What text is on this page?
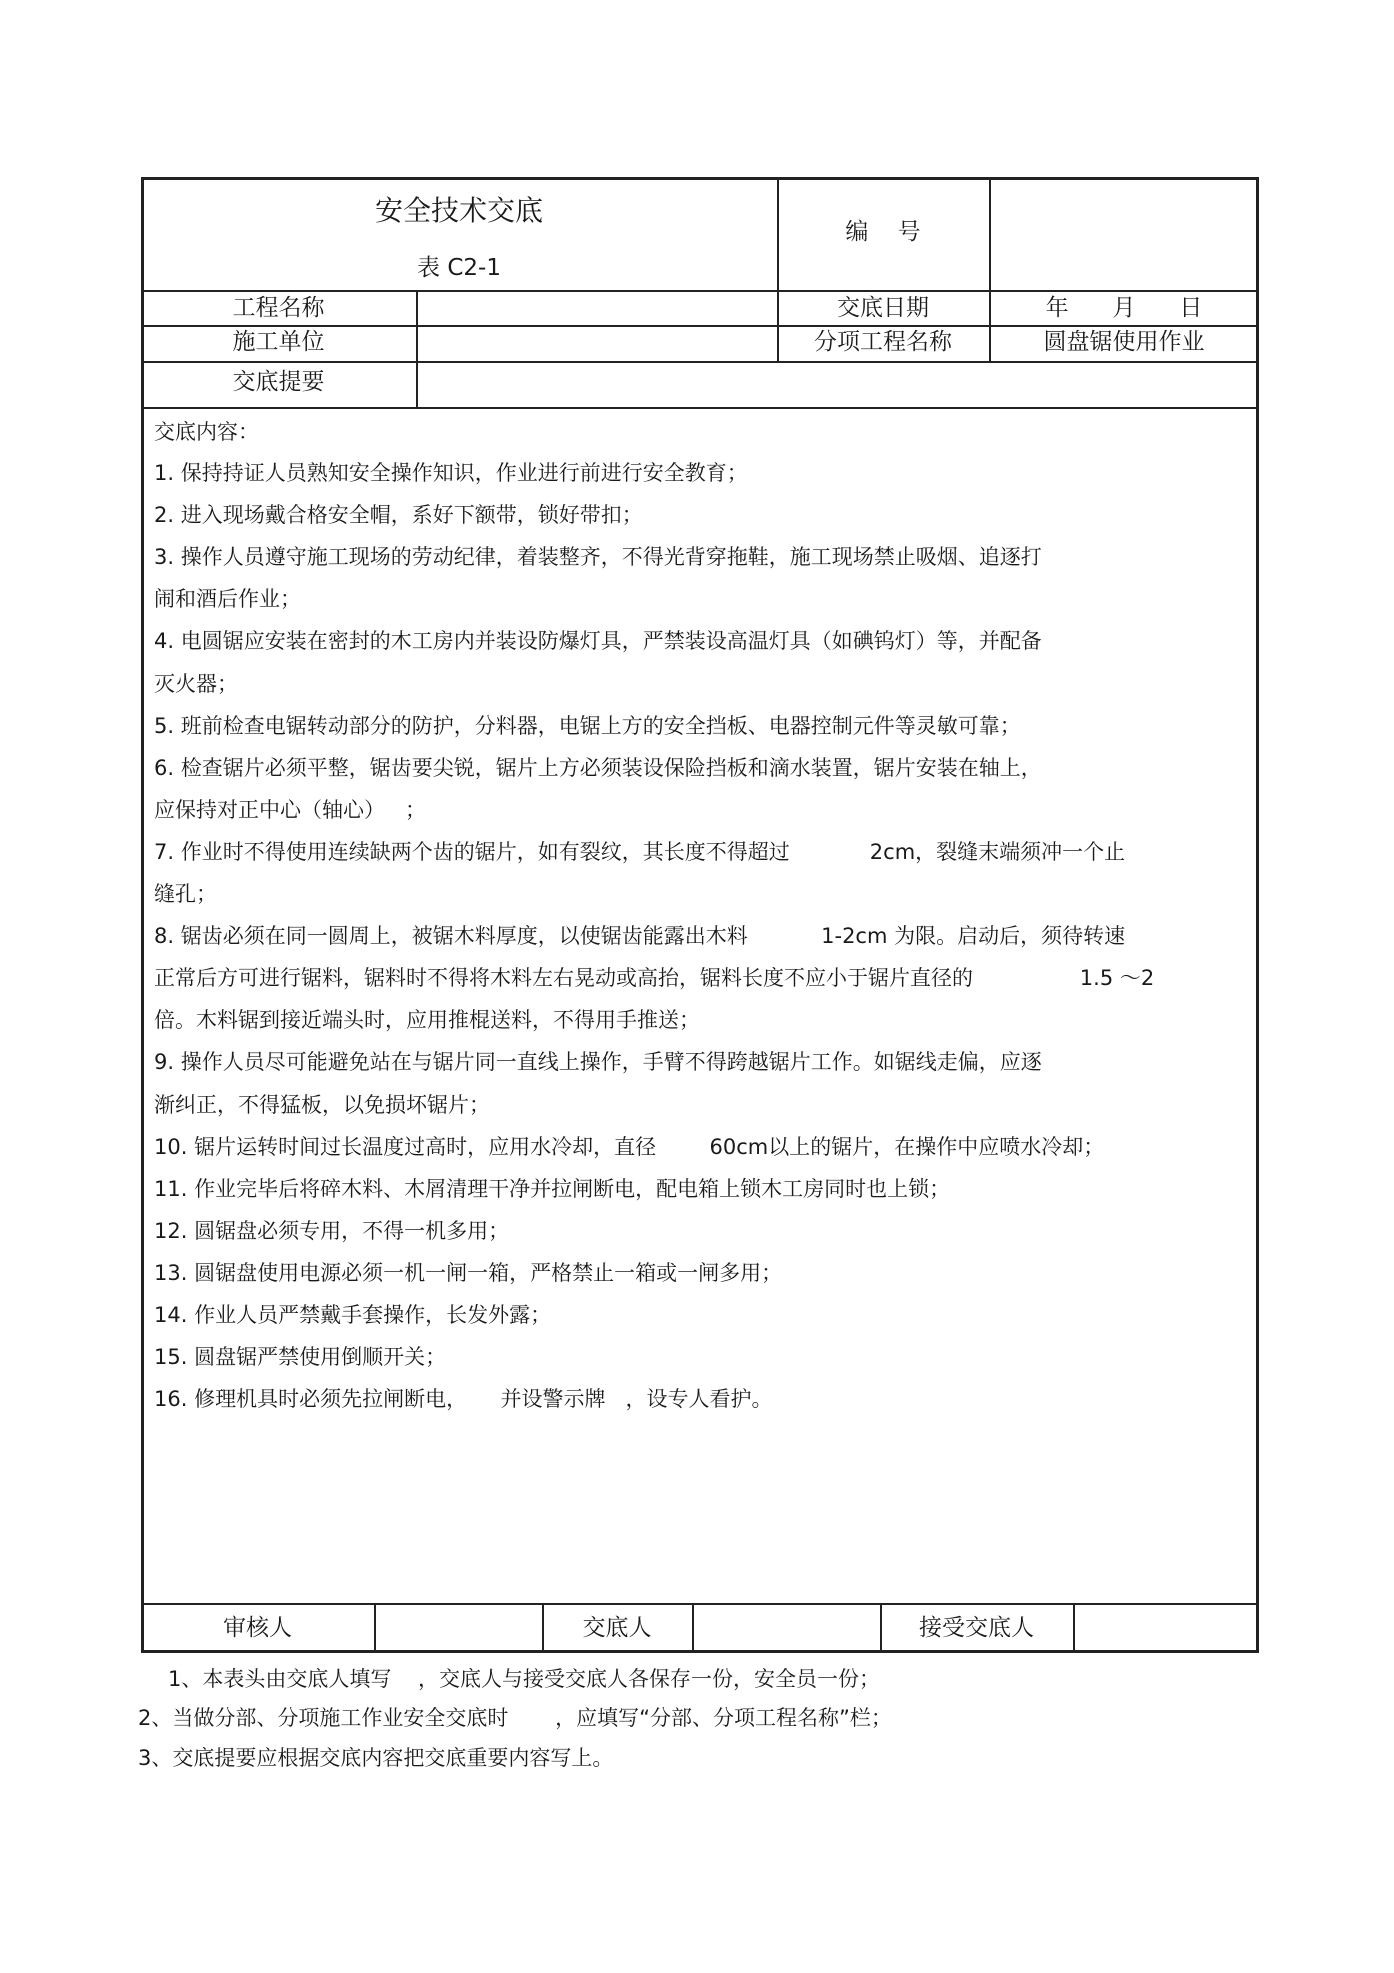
安全技术交底
表 C2-1
编    号
工程名称	交底日期	年      月      日
施工单位	分项工程名称	圆盘锯使用作业
交底提要
交底内容：
1. 保持持证人员熟知安全操作知识，作业进行前进行安全教育；
2. 进入现场戴合格安全帽，系好下额带，锁好带扣；
3. 操作人员遵守施工现场的劳动纪律，着装整齐，不得光背穿拖鞋，施工现场禁止吸烟、追逐打
闹和酒后作业；
4. 电圆锯应安装在密封的木工房内并装设防爆灯具，严禁装设高温灯具（如碘钨灯）等，并配备
灭火器；
5. 班前检查电锯转动部分的防护，分料器，电锯上方的安全挡板、电器控制元件等灵敏可靠；
6. 检查锯片必须平整，锯齿要尖锐，锯片上方必须装设保险挡板和滴水装置，锯片安装在轴上，
应保持对正中心（轴心）   ；
7. 作业时不得使用连续缺两个齿的锯片，如有裂纹，其长度不得超过            2cm，裂缝末端须冲一个止
缝孔；
8. 锯齿必须在同一圆周上，被锯木料厚度，以使锯齿能露出木料           1-2cm 为限。启动后，须待转速
正常后方可进行锯料，锯料时不得将木料左右晃动或高抬，锯料长度不应小于锯片直径的                1.5 ～2
倍。木料锯到接近端头时，应用推棍送料，不得用手推送；
9. 操作人员尽可能避免站在与锯片同一直线上操作，手臂不得跨越锯片工作。如锯线走偏，应逐
渐纠正，不得猛板，以免损坏锯片；
10. 锯片运转时间过长温度过高时，应用水冷却，直径        60cm以上的锯片，在操作中应喷水冷却；
11. 作业完毕后将碎木料、木屑清理干净并拉闸断电，配电箱上锁木工房同时也上锁；
12. 圆锯盘必须专用，不得一机多用；
13. 圆锯盘使用电源必须一机一闸一箱，严格禁止一箱或一闸多用；
14. 作业人员严禁戴手套操作，长发外露；
15. 圆盘锯严禁使用倒顺开关；
16. 修理机具时必须先拉闸断电，     并设警示牌   ，设专人看护。
审核人	交底人	接受交底人
1、本表头由交底人填写    ，交底人与接受交底人各保存一份，安全员一份；
2、当做分部、分项施工作业安全交底时       ，应填写“分部、分项工程名称”栏；
3、交底提要应根据交底内容把交底重要内容写上。
